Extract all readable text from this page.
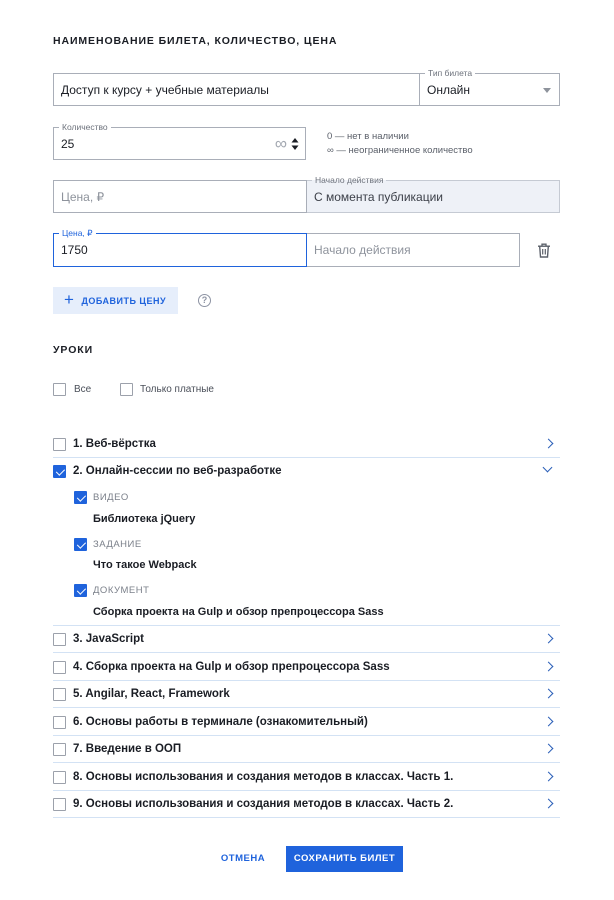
НАИМЕНОВАНИЕ БИЛЕТА, КОЛИЧЕСТВО, ЦЕНА
Доступ к курсу + учебные материалы
Тип билета
Онлайн
Количество
25	∞	0 — нет в наличии
∞ — неограниченное количество
Цена, ₽
Начало действия
С момента публикации
Цена, ₽
1750	Начало действия
+ ДОБАВИТЬ ЦЕНУ	?
УРОКИ
Все	Только платные
1. Веб-вёрстка
2. Онлайн-сессии по веб-разработке
ВИДЕО
Библиотека jQuery
ЗАДАНИЕ
Что такое Webpack
ДОКУМЕНТ
Сборка проекта на Gulp и обзор препроцессора Sass
3. JavaScript
4. Сборка проекта на Gulp и обзор препроцессора Sass
5. Angilar, React, Framework
6. Основы работы в терминале (ознакомительный)
7. Введение в ООП
8. Основы использования и создания методов в классах. Часть 1.
9. Основы использования и создания методов в классах. Часть 2.
ОТМЕНА	СОХРАНИТЬ БИЛЕТ
